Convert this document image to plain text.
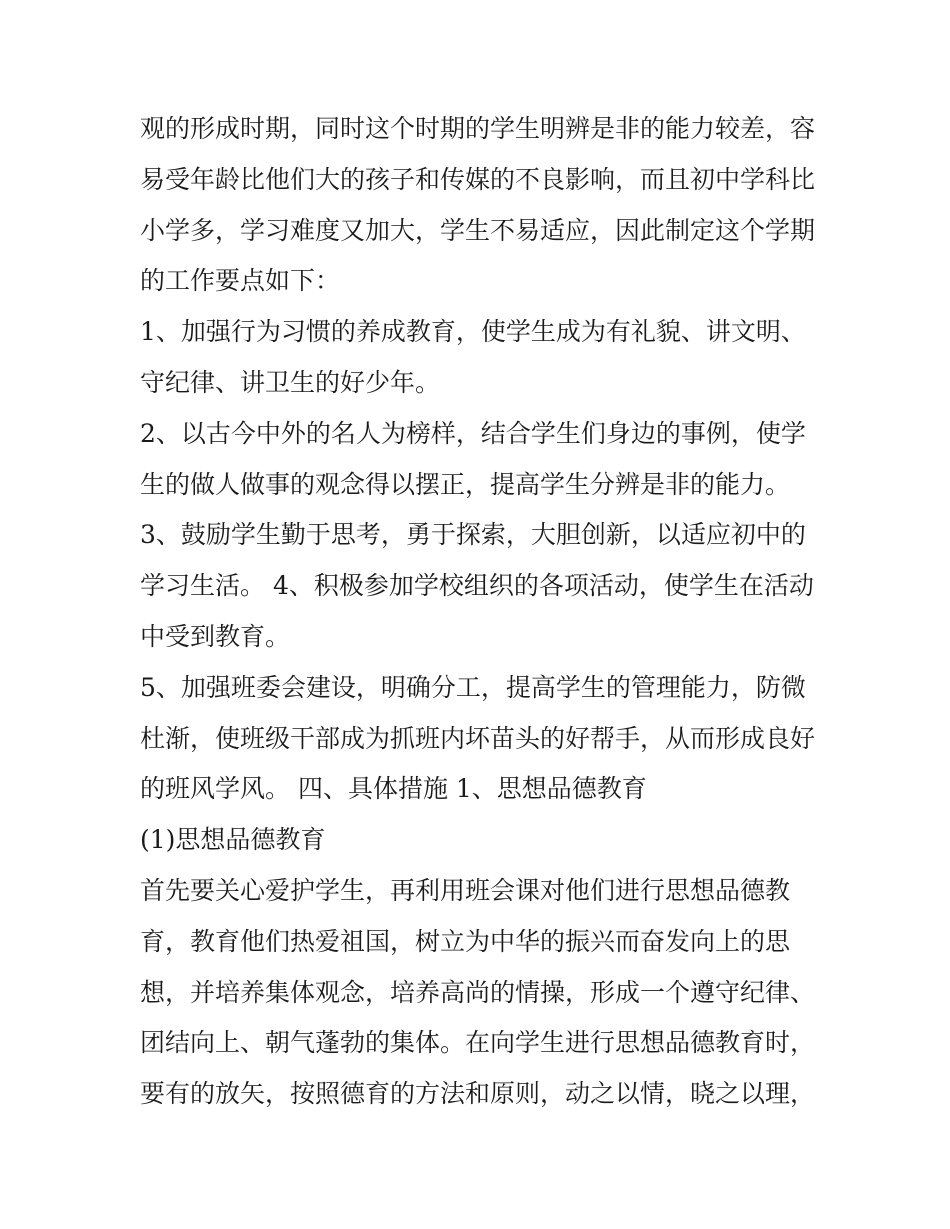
观的形成时期，同时这个时期的学生明辨是非的能力较差，容
易受年龄比他们大的孩子和传媒的不良影响，而且初中学科比
小学多，学习难度又加大，学生不易适应，因此制定这个学期
的工作要点如下：
1、加强行为习惯的养成教育，使学生成为有礼貌、讲文明、
守纪律、讲卫生的好少年。
2、以古今中外的名人为榜样，结合学生们身边的事例，使学
生的做人做事的观念得以摆正，提高学生分辨是非的能力。
3、鼓励学生勤于思考，勇于探索，大胆创新，以适应初中的
学习生活。 4、积极参加学校组织的各项活动，使学生在活动
中受到教育。
5、加强班委会建设，明确分工，提高学生的管理能力，防微
杜渐，使班级干部成为抓班内坏苗头的好帮手，从而形成良好
的班风学风。 四、具体措施 1、思想品德教育
(1)思想品德教育
首先要关心爱护学生，再利用班会课对他们进行思想品德教
育，教育他们热爱祖国，树立为中华的振兴而奋发向上的思
想，并培养集体观念，培养高尚的情操，形成一个遵守纪律、
团结向上、朝气蓬勃的集体。在向学生进行思想品德教育时，
要有的放矢，按照德育的方法和原则，动之以情，晓之以理，
